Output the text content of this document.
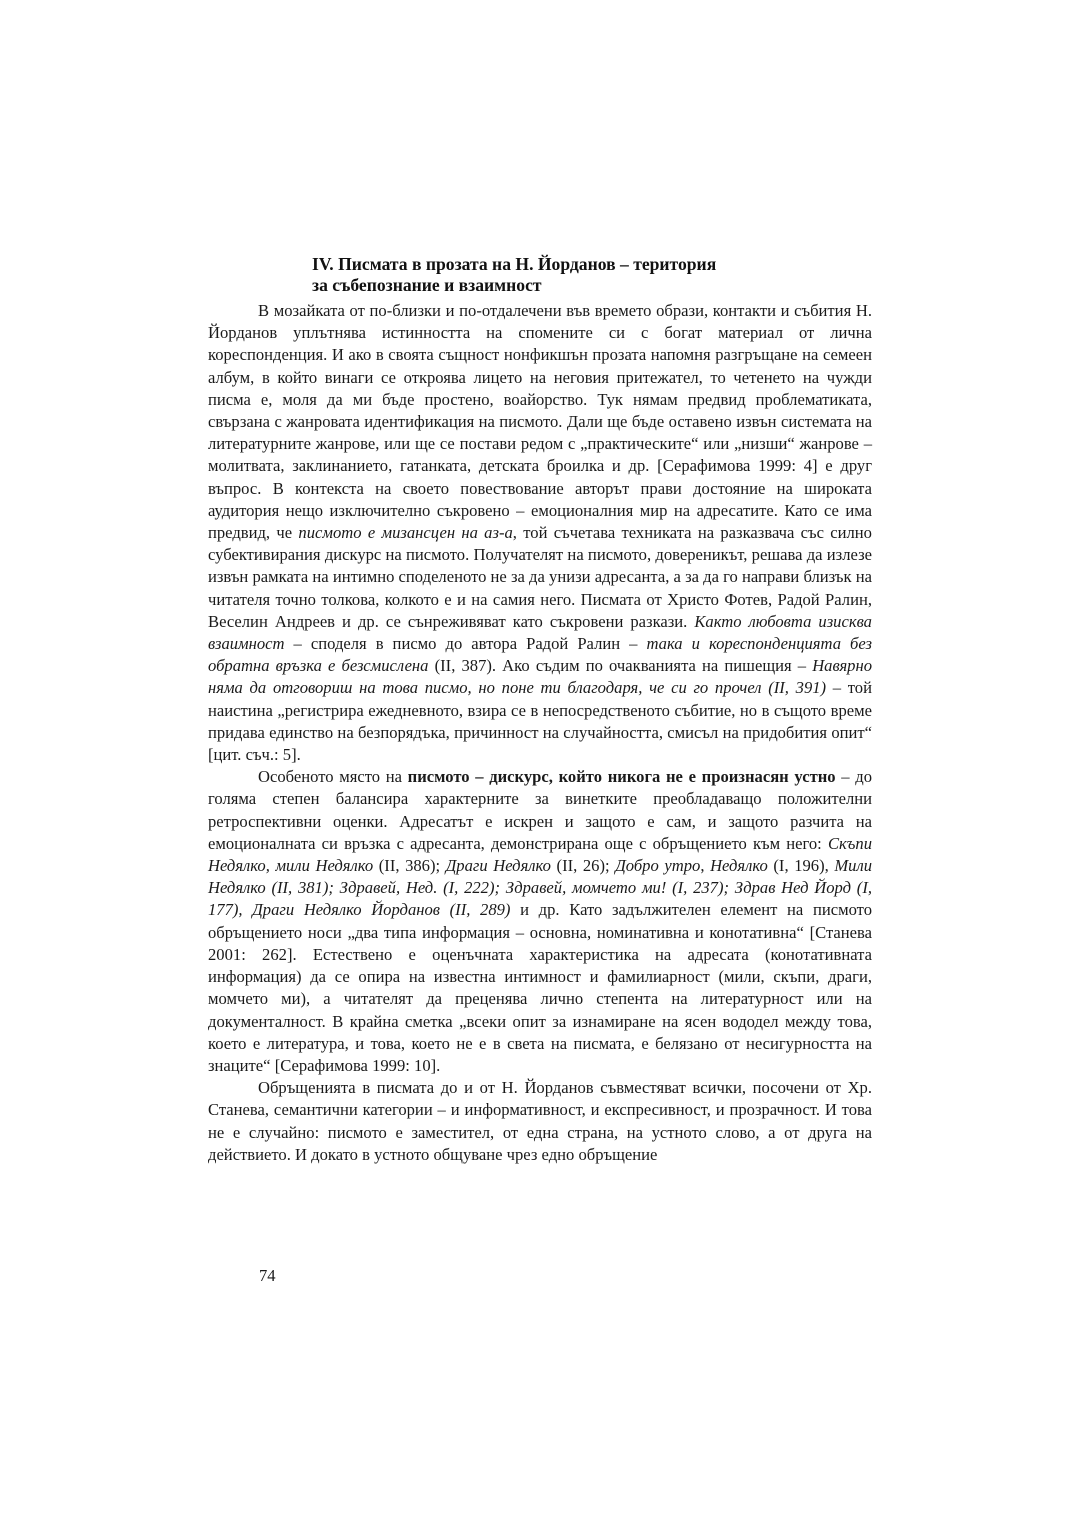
IV. Писмата в прозата на Н. Йорданов – територия
за събепознание и взаимност

В мозайката от по-близки и по-отдалечени във времето образи, контакти и събития Н. Йорданов уплътнява истинността на спомените си с богат материал от лична кореспонденция. И ако в своята същност нонфикшън прозата напомня разгръщане на семеен албум, в който винаги се откроява лицето на неговия притежател, то четенето на чужди писма е, моля да ми бъде простено, воайорство. Тук нямам предвид проблематиката, свързана с жанровата идентификация на писмото. Дали ще бъде оставено извън системата на литературните жанрове, или ще се постави редом с „практическите“ или „низши“ жанрове – молитвата, заклинанието, гатанката, детската броилка и др. [Серафимова 1999: 4] е друг въпрос. В контекста на своето повествование авторът прави достояние на широката аудитория нещо изключително съкровено – емоционалния мир на адресатите. Като се има предвид, че писмото е мизансцен на аз-а, той съчетава техниката на разказвача със силно субективирания дискурс на писмото. Получателят на писмото, довереникът, решава да излезе извън рамката на интимно споделеното не за да унизи адресанта, а за да го направи близък на читателя точно толкова, колкото е и на самия него. Писмата от Христо Фотев, Радой Ралин, Веселин Андреев и др. се сънреживяват като съкровени разкази. Както любовта изисква взаимност – споделя в писмо до автора Радой Ралин – така и кореспонденцията без обратна връзка е безсмислена (II, 387). Ако съдим по очакванията на пишещия – Навярно няма да отговориш на това писмо, но поне ти благодаря, че си го прочел (II, 391) – той наистина „регистрира ежедневното, взира се в непосредственото събитие, но в същото време придава единство на безпорядъка, причинност на случайността, смисъл на придобития опит“ [цит. съч.: 5].

Особеното място на писмото – дискурс, който никога не е произнасян устно – до голяма степен балансира характерните за винетките преобладаващо положителни ретроспективни оценки. Адресатът е искрен и защото е сам, и защото разчита на емоционалната си връзка с адресанта, демонстрирана още с обръщението към него: Скъпи Недялко, мили Недялко (II, 386); Драги Недялко (II, 26); Добро утро, Недялко (I, 196), Мили Недялко (II, 381); Здравей, Нед. (I, 222); Здравей, момчето ми! (I, 237); Здрав Нед Йорд (I, 177), Драги Недялко Йорданов (II, 289) и др. Като задължителен елемент на писмото обръщението носи „два типа информация – основна, номинативна и конотативна“ [Станева 2001: 262]. Естествено е оценъчната характеристика на адресата (конотативната информация) да се опира на известна интимност и фамилиарност (мили, скъпи, драги, момчето ми), а читателят да преценява лично степента на литературност или на документалност. В крайна сметка „всеки опит за изнамиране на ясен вододел между това, което е литература, и това, което не е в света на писмата, е белязано от несигурността на знаците“ [Серафимова 1999: 10].

Обръщенията в писмата до и от Н. Йорданов съвместяват всички, посочени от Хр. Станева, семантични категории – и информативност, и експресивност, и прозрачност. И това не е случайно: писмото е заместител, от една страна, на устното слово, а от друга на действието. И докато в устното общуване чрез едно обръщение

74
